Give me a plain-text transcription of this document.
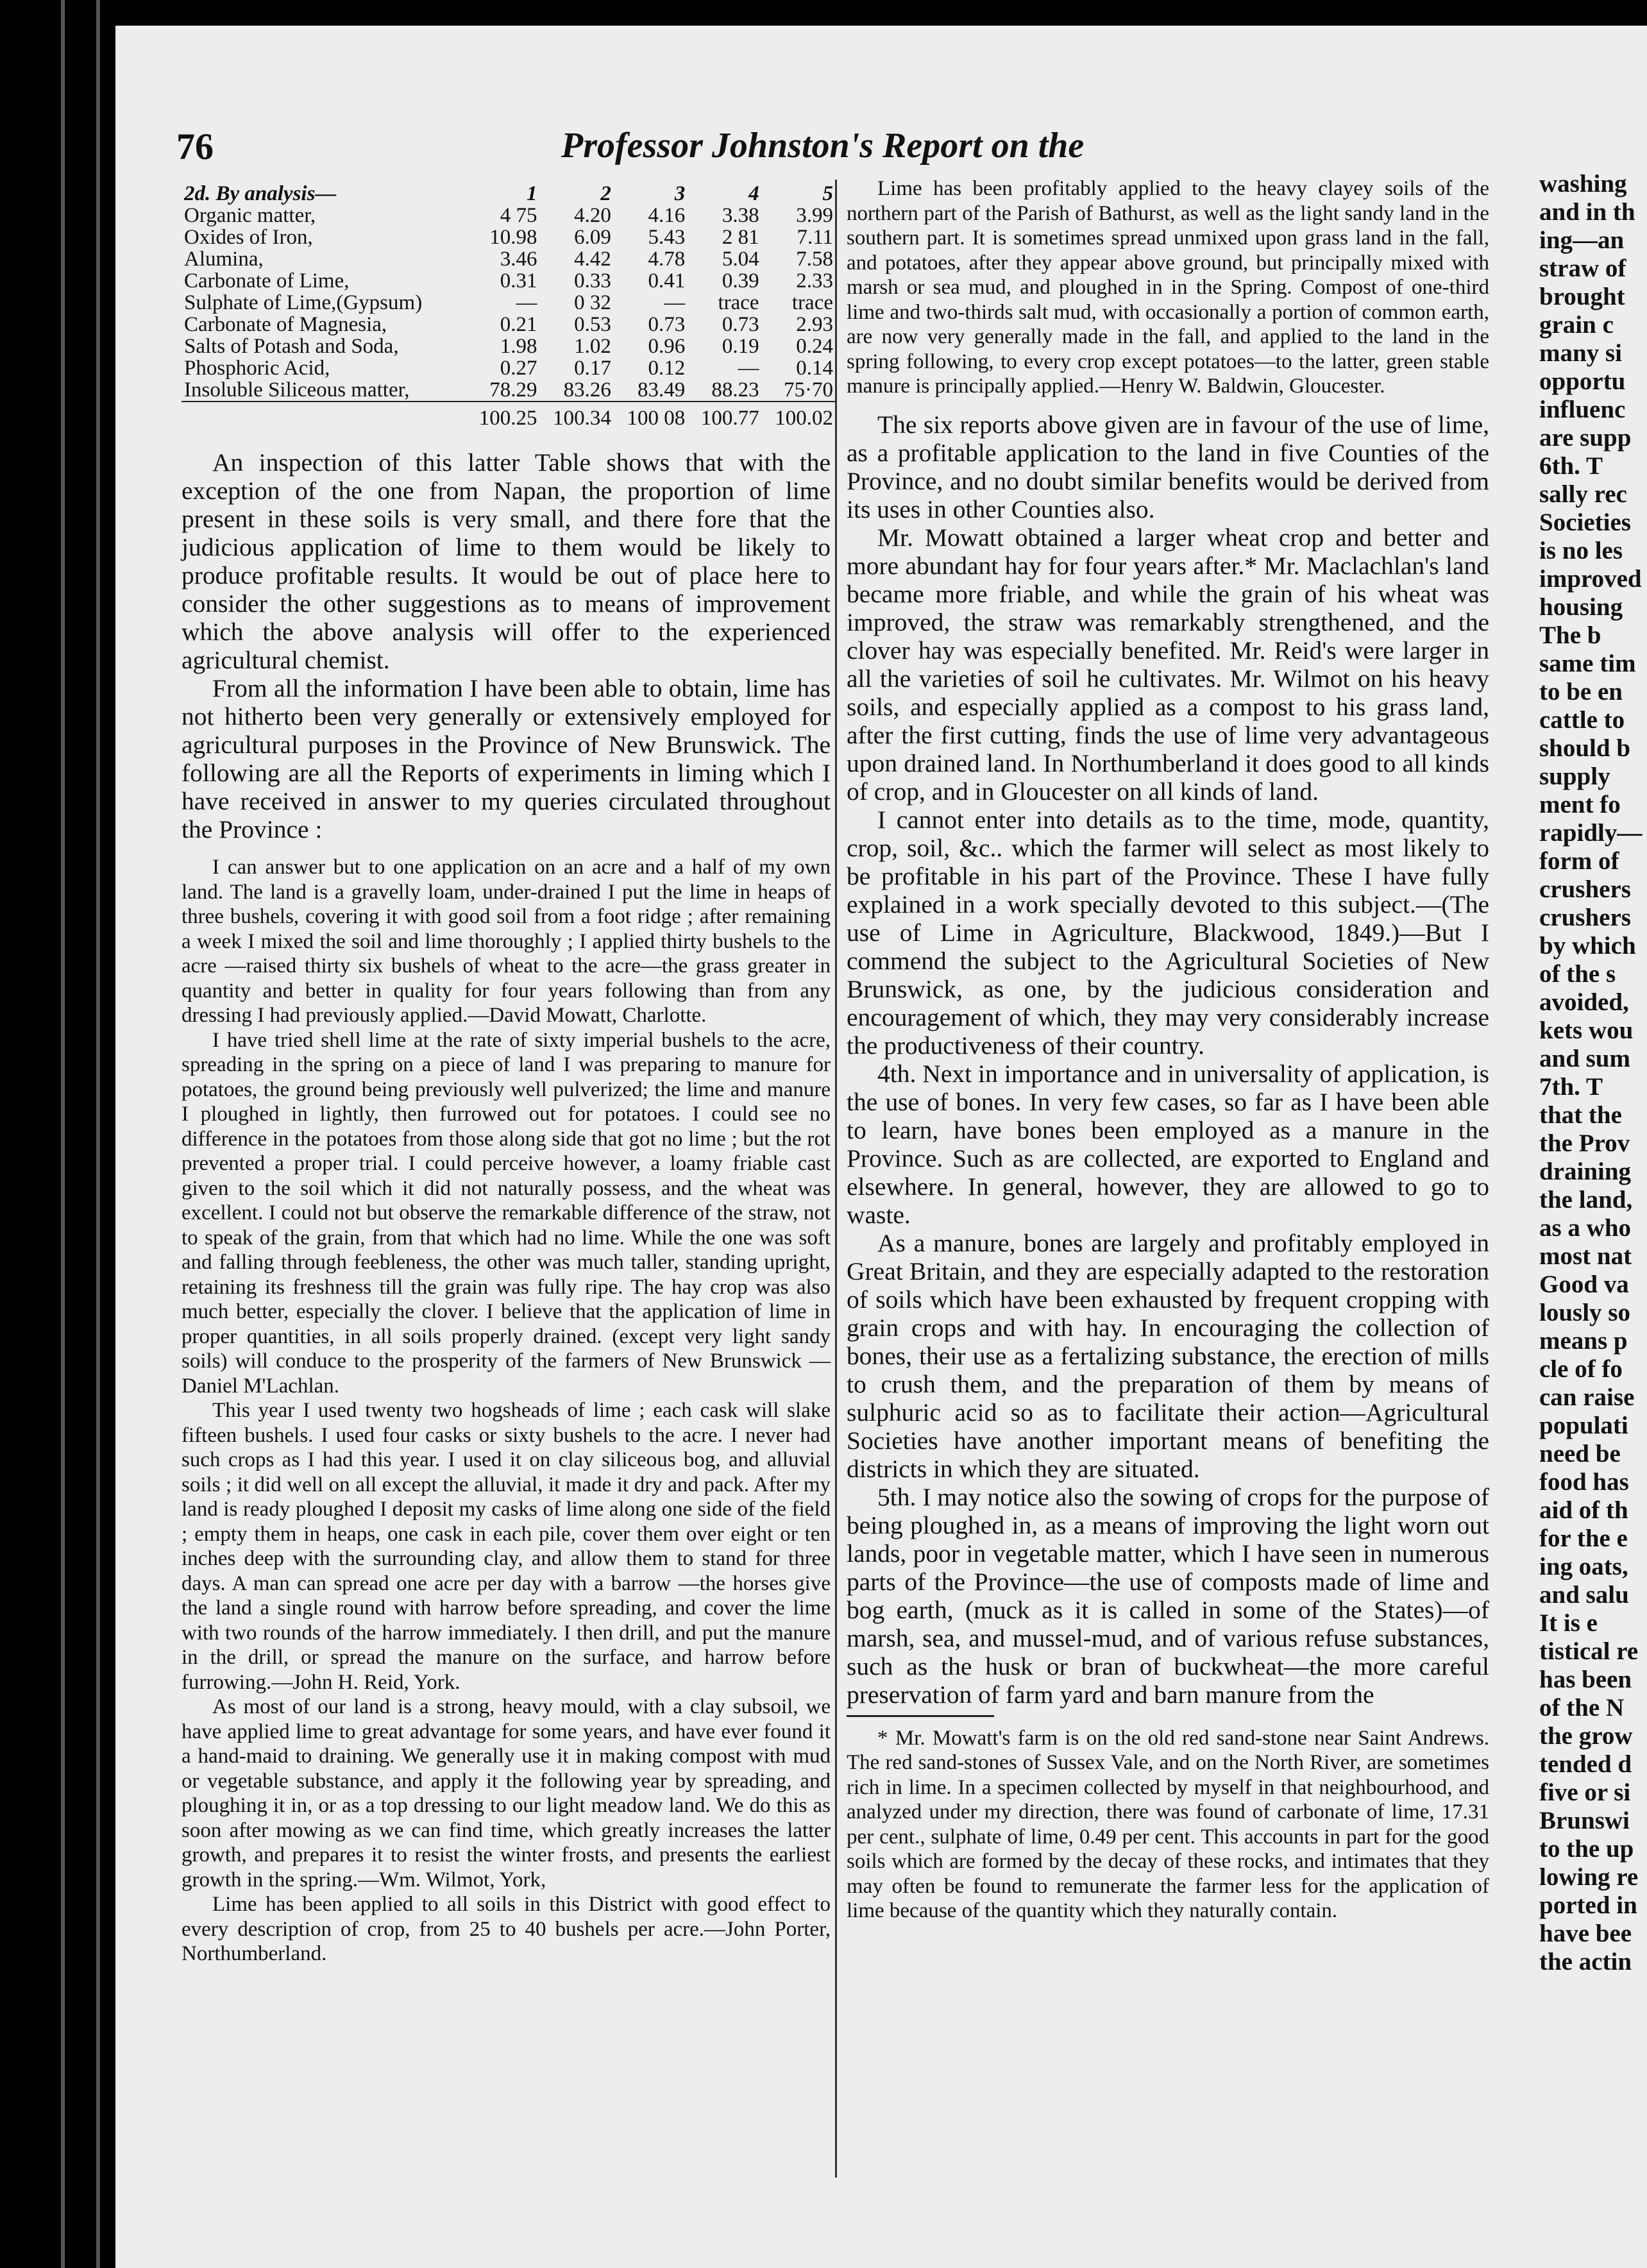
76	Professor Johnston's Report on the
2d. By analysis—	1	2	3	4	5
Organic matter,	4 75	4.20	4.16	3.38	3.99
Oxides of Iron,	10.98	6.09	5.43	2 81	7.11
Alumina,	3.46	4.42	4.78	5.04	7.58
Carbonate of Lime,	0.31	0.33	0.41	0.39	2.33
Sulphate of Lime,(Gypsum)	—	0 32	—	trace	trace
Carbonate of Magnesia,	0.21	0.53	0.73	0.73	2.93
Salts of Potash and Soda,	1.98	1.02	0.96	0.19	0.24
Phosphoric Acid,	0.27	0.17	0.12	—	0.14
Insoluble Siliceous matter,	78.29	83.26	83.49	88.23	75·70
	100.25	100.34	100 08	100.77	100.02

An inspection of this latter Table shows that with the exception of the one from Napan, the proportion of lime present in these soils is very small, and there fore that the judicious application of lime to them would be likely to produce profitable results. It would be out of place here to consider the other suggestions as to means of improvement which the above analysis will offer to the experienced agricultural chemist.

From all the information I have been able to obtain, lime has not hitherto been very generally or extensively employed for agricultural purposes in the Province of New Brunswick. The following are all the Reports of experiments in liming which I have received in answer to my queries circulated throughout the Province :

I can answer but to one application on an acre and a half of my own land. The land is a gravelly loam, under-drained I put the lime in heaps of three bushels, covering it with good soil from a foot ridge ; after remaining a week I mixed the soil and lime thoroughly ; I applied thirty bushels to the acre —raised thirty six bushels of wheat to the acre—the grass greater in quantity and better in quality for four years following than from any dressing I had previously applied.—David Mowatt, Charlotte.

I have tried shell lime at the rate of sixty imperial bushels to the acre, spreading in the spring on a piece of land I was preparing to manure for potatoes, the ground being previously well pulverized; the lime and manure I ploughed in lightly, then furrowed out for potatoes. I could see no difference in the potatoes from those along side that got no lime ; but the rot prevented a proper trial. I could perceive however, a loamy friable cast given to the soil which it did not naturally possess, and the wheat was excellent. I could not but observe the remarkable difference of the straw, not to speak of the grain, from that which had no lime. While the one was soft and falling through feebleness, the other was much taller, standing upright, retaining its freshness till the grain was fully ripe. The hay crop was also much better, especially the clover. I believe that the application of lime in proper quantities, in all soils properly drained. (except very light sandy soils) will conduce to the prosperity of the farmers of New Brunswick —Daniel M'Lachlan.

This year I used twenty two hogsheads of lime ; each cask will slake fifteen bushels. I used four casks or sixty bushels to the acre. I never had such crops as I had this year. I used it on clay siliceous bog, and alluvial soils ; it did well on all except the alluvial, it made it dry and pack. After my land is ready ploughed I deposit my casks of lime along one side of the field ; empty them in heaps, one cask in each pile, cover them over eight or ten inches deep with the surrounding clay, and allow them to stand for three days. A man can spread one acre per day with a barrow —the horses give the land a single round with harrow before spreading, and cover the lime with two rounds of the harrow immediately. I then drill, and put the manure in the drill, or spread the manure on the surface, and harrow before furrowing.—John H. Reid, York.

As most of our land is a strong, heavy mould, with a clay subsoil, we have applied lime to great advantage for some years, and have ever found it a hand-maid to draining. We generally use it in making compost with mud or vegetable substance, and apply it the following year by spreading, and ploughing it in, or as a top dressing to our light meadow land. We do this as soon after mowing as we can find time, which greatly increases the latter growth, and prepares it to resist the winter frosts, and presents the earliest growth in the spring.—Wm. Wilmot, York,

Lime has been applied to all soils in this District with good effect to every description of crop, from 25 to 40 bushels per acre.—John Porter, Northumberland.

Lime has been profitably applied to the heavy clayey soils of the northern part of the Parish of Bathurst, as well as the light sandy land in the southern part. It is sometimes spread unmixed upon grass land in the fall, and potatoes, after they appear above ground, but principally mixed with marsh or sea mud, and ploughed in in the Spring. Compost of one-third lime and two-thirds salt mud, with occasionally a portion of common earth, are now very generally made in the fall, and applied to the land in the spring following, to every crop except potatoes—to the latter, green stable manure is principally applied.—Henry W. Baldwin, Gloucester.

The six reports above given are in favour of the use of lime, as a profitable application to the land in five Counties of the Province, and no doubt similar benefits would be derived from its uses in other Counties also.

Mr. Mowatt obtained a larger wheat crop and better and more abundant hay for four years after.* Mr. Maclachlan's land became more friable, and while the grain of his wheat was improved, the straw was remarkably strengthened, and the clover hay was especially benefited. Mr. Reid's were larger in all the varieties of soil he cultivates. Mr. Wilmot on his heavy soils, and especially applied as a compost to his grass land, after the first cutting, finds the use of lime very advantageous upon drained land. In Northumberland it does good to all kinds of crop, and in Gloucester on all kinds of land.

I cannot enter into details as to the time, mode, quantity, crop, soil, &c.. which the farmer will select as most likely to be profitable in his part of the Province. These I have fully explained in a work specially devoted to this subject.—(The use of Lime in Agriculture, Blackwood, 1849.)—But I commend the subject to the Agricultural Societies of New Brunswick, as one, by the judicious consideration and encouragement of which, they may very considerably increase the productiveness of their country.

4th. Next in importance and in universality of application, is the use of bones. In very few cases, so far as I have been able to learn, have bones been employed as a manure in the Province. Such as are collected, are exported to England and elsewhere. In general, however, they are allowed to go to waste.

As a manure, bones are largely and profitably employed in Great Britain, and they are especially adapted to the restoration of soils which have been exhausted by frequent cropping with grain crops and with hay. In encouraging the collection of bones, their use as a fertalizing substance, the erection of mills to crush them, and the preparation of them by means of sulphuric acid so as to facilitate their action—Agricultural Societies have another important means of benefiting the districts in which they are situated.

5th. I may notice also the sowing of crops for the purpose of being ploughed in, as a means of improving the light worn out lands, poor in vegetable matter, which I have seen in numerous parts of the Province—the use of composts made of lime and bog earth, (muck as it is called in some of the States)—of marsh, sea, and mussel-mud, and of various refuse substances, such as the husk or bran of buckwheat—the more careful preservation of farm yard and barn manure from the

* Mr. Mowatt's farm is on the old red sand-stone near Saint Andrews. The red sand-stones of Sussex Vale, and on the North River, are sometimes rich in lime. In a specimen collected by myself in that neighbourhood, and analyzed under my direction, there was found of carbonate of lime, 17.31 per cent., sulphate of lime, 0.49 per cent. This accounts in part for the good soils which are formed by the decay of these rocks, and intimates that they may often be found to remunerate the farmer less for the application of lime because of the quantity which they naturally contain.

washing
and in th
ing—an
straw of
brought
grain c
many si
opportu
influenc
are supp
6th. T
sally rec
Societies
is no les
improved
housing
The b
same tim
to be en
cattle to
should b
supply
ment fo
rapidly—
form of
crushers
crushers
by which
of the s
avoided,
kets wou
and sum
7th. T
that the
the Prov
draining
the land,
as a who
most nat
Good va
lously so
means p
cle of fo
can raise
populati
need be
food has
aid of th
for the e
ing oats,
and salu
It is e
tistical re
has been
of the N
the grow
tended d
five or si
Brunswi
to the up
lowing re
ported in
have bee
the actin
